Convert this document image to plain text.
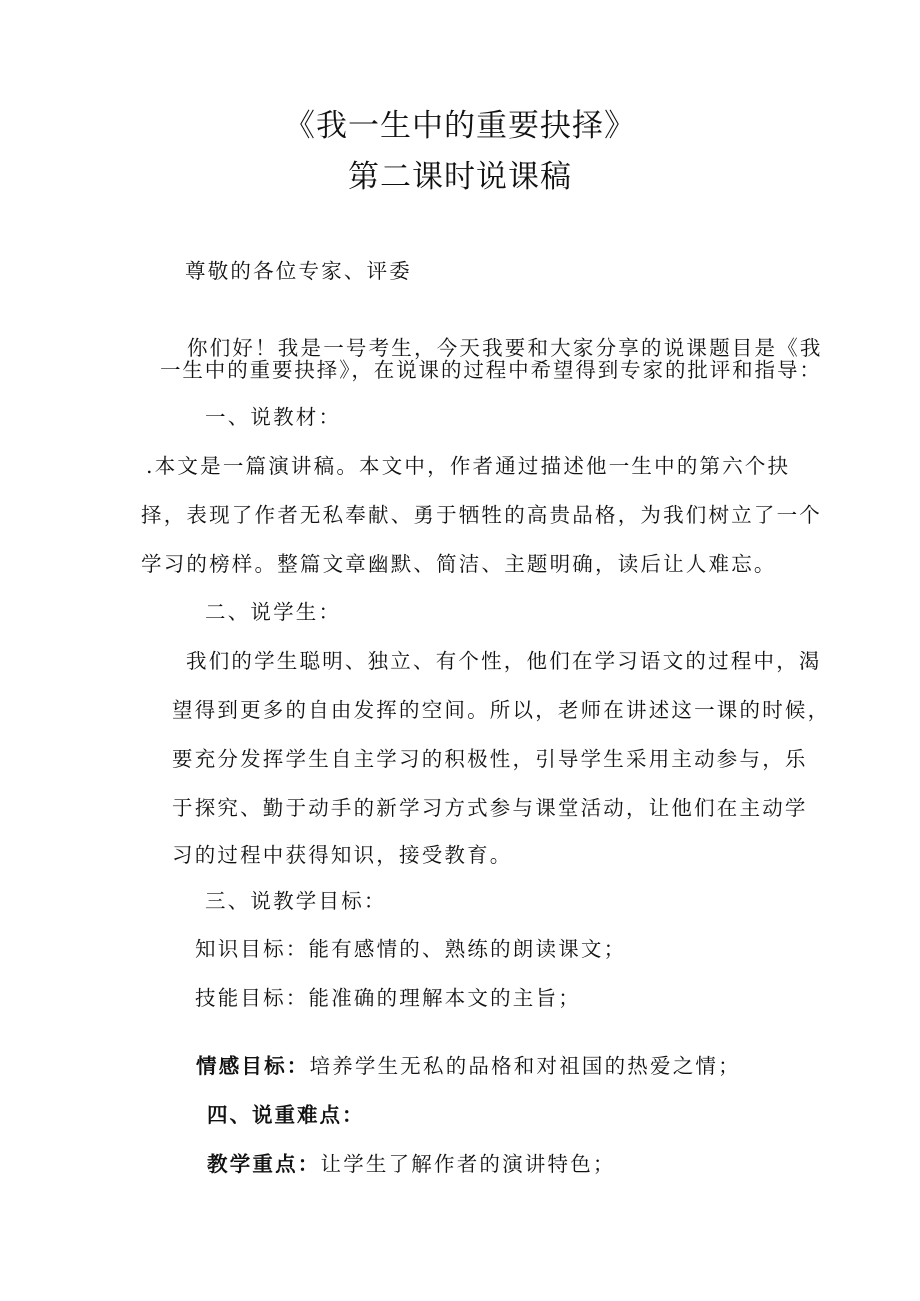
《我一生中的重要抉择》
第二课时说课稿
尊敬的各位专家、评委
你们好！我是一号考生，今天我要和大家分享的说课题目是《我
一生中的重要抉择》，在说课的过程中希望得到专家的批评和指导：
一、说教材：
.本文是一篇演讲稿。本文中，作者通过描述他一生中的第六个抉
择，表现了作者无私奉献、勇于牺牲的高贵品格，为我们树立了一个
学习的榜样。整篇文章幽默、简洁、主题明确，读后让人难忘。
二、说学生：
我们的学生聪明、独立、有个性，他们在学习语文的过程中，渴
望得到更多的自由发挥的空间。所以，老师在讲述这一课的时候，
要充分发挥学生自主学习的积极性，引导学生采用主动参与，乐
于探究、勤于动手的新学习方式参与课堂活动，让他们在主动学
习的过程中获得知识，接受教育。
三、说教学目标：
知识目标：能有感情的、熟练的朗读课文；
技能目标：能准确的理解本文的主旨；
情感目标：培养学生无私的品格和对祖国的热爱之情；
四、说重难点：
教学重点：让学生了解作者的演讲特色；
